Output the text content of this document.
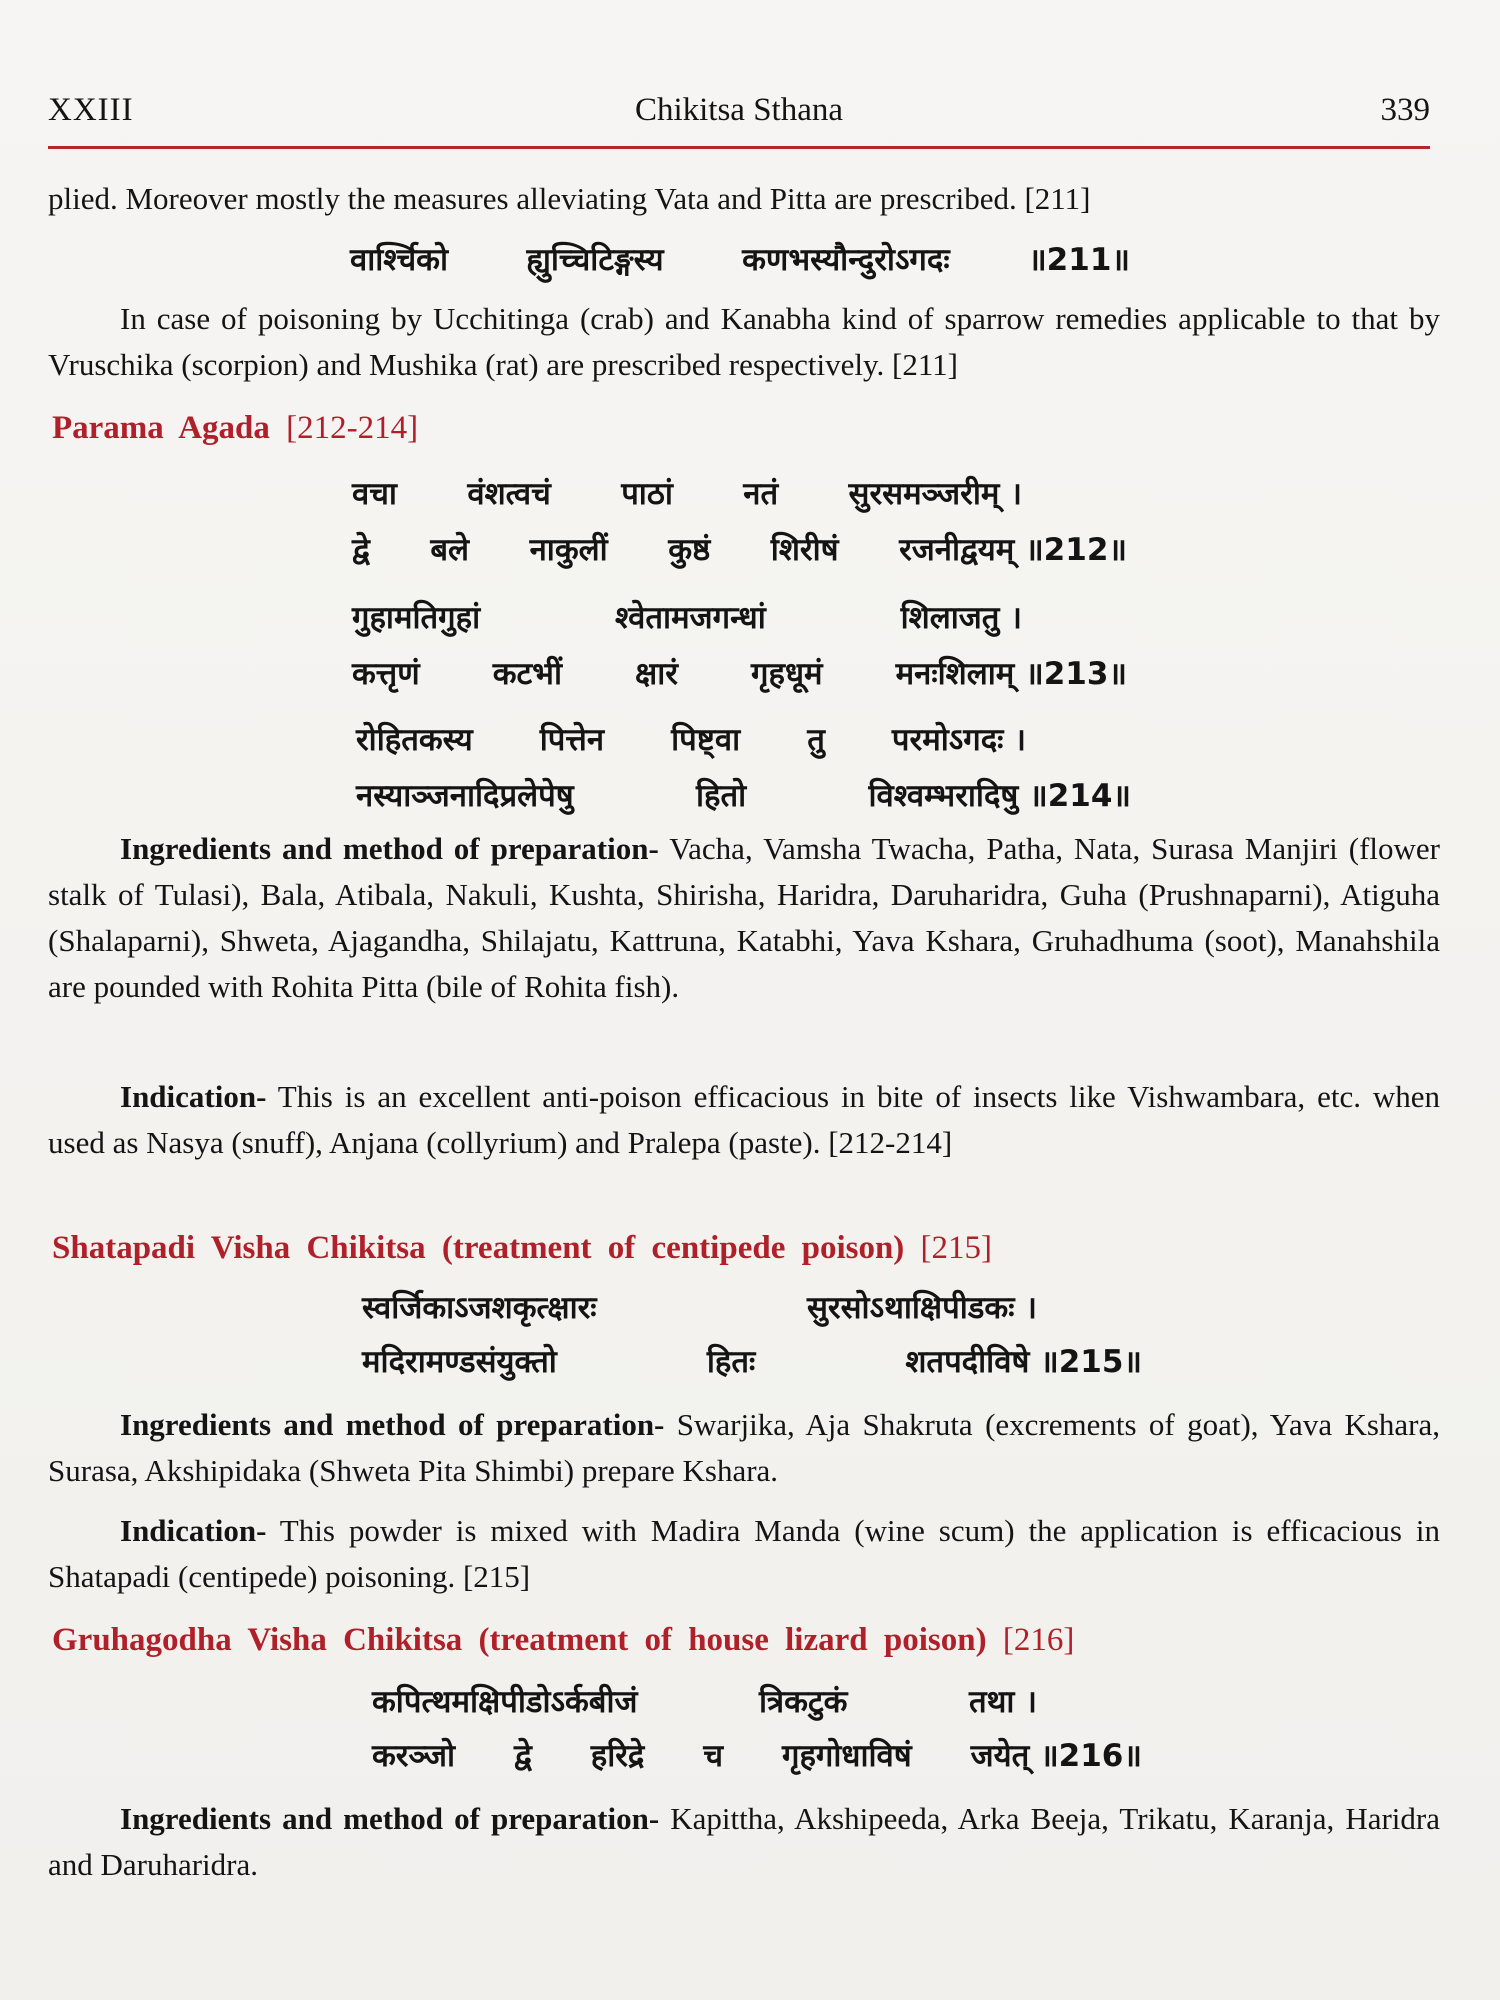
XXIII	Chikitsa Sthana	339
plied. Moreover mostly the measures alleviating Vata and Pitta are prescribed. [211]
वार्श्चिको	ह्युच्चिटिङ्गस्य	कणभस्यौन्दुरोऽगदः	॥211॥
In case of poisoning by Ucchitinga (crab) and Kanabha kind of sparrow remedies applicable to that by Vruschika (scorpion) and Mushika (rat) are prescribed respectively. [211]
Parama Agada [212-214]
वचा वंशत्वचं पाठां नतं सुरसमञ्जरीम् ।
द्वे बले नाकुलीं कुष्ठं शिरीषं रजनीद्वयम् ॥212॥
गुहामतिगुहां	श्वेतामजगन्धां	शिलाजतु ।
कत्तृणं कटभीं क्षारं गृहधूमं मनःशिलाम् ॥213॥
रोहितकस्य पित्तेन पिष्ट्वा तु परमोऽगदः ।
नस्याञ्जनादिप्रलेपेषु	हितो	विश्वम्भरादिषु ॥214॥
Ingredients and method of preparation- Vacha, Vamsha Twacha, Patha, Nata, Surasa Manjiri (flower stalk of Tulasi), Bala, Atibala, Nakuli, Kushta, Shirisha, Haridra, Daruharidra, Guha (Prushnaparni), Atiguha (Shalaparni), Shweta, Ajagandha, Shilajatu, Kattruna, Katabhi, Yava Kshara, Gruhadhuma (soot), Manahshila are pounded with Rohita Pitta (bile of Rohita fish).
Indication- This is an excellent anti-poison efficacious in bite of insects like Vishwambara, etc. when used as Nasya (snuff), Anjana (collyrium) and Pralepa (paste). [212-214]
Shatapadi Visha Chikitsa (treatment of centipede poison) [215]
स्वर्जिकाऽजशकृत्क्षारः	सुरसोऽथाक्षिपीडकः ।
मदिरामण्डसंयुक्तो	हितः	शतपदीविषे ॥215॥
Ingredients and method of preparation- Swarjika, Aja Shakruta (excrements of goat), Yava Kshara, Surasa, Akshipidaka (Shweta Pita Shimbi) prepare Kshara.
Indication- This powder is mixed with Madira Manda (wine scum) the application is efficacious in Shatapadi (centipede) poisoning. [215]
Gruhagodha Visha Chikitsa (treatment of house lizard poison) [216]
कपित्थमक्षिपीडोऽर्कबीजं	त्रिकटुकं	तथा ।
करञ्जो द्वे हरिद्रे च गृहगोधाविषं जयेत् ॥216॥
Ingredients and method of preparation- Kapittha, Akshipeeda, Arka Beeja, Trikatu, Karanja, Haridra and Daruharidra.
